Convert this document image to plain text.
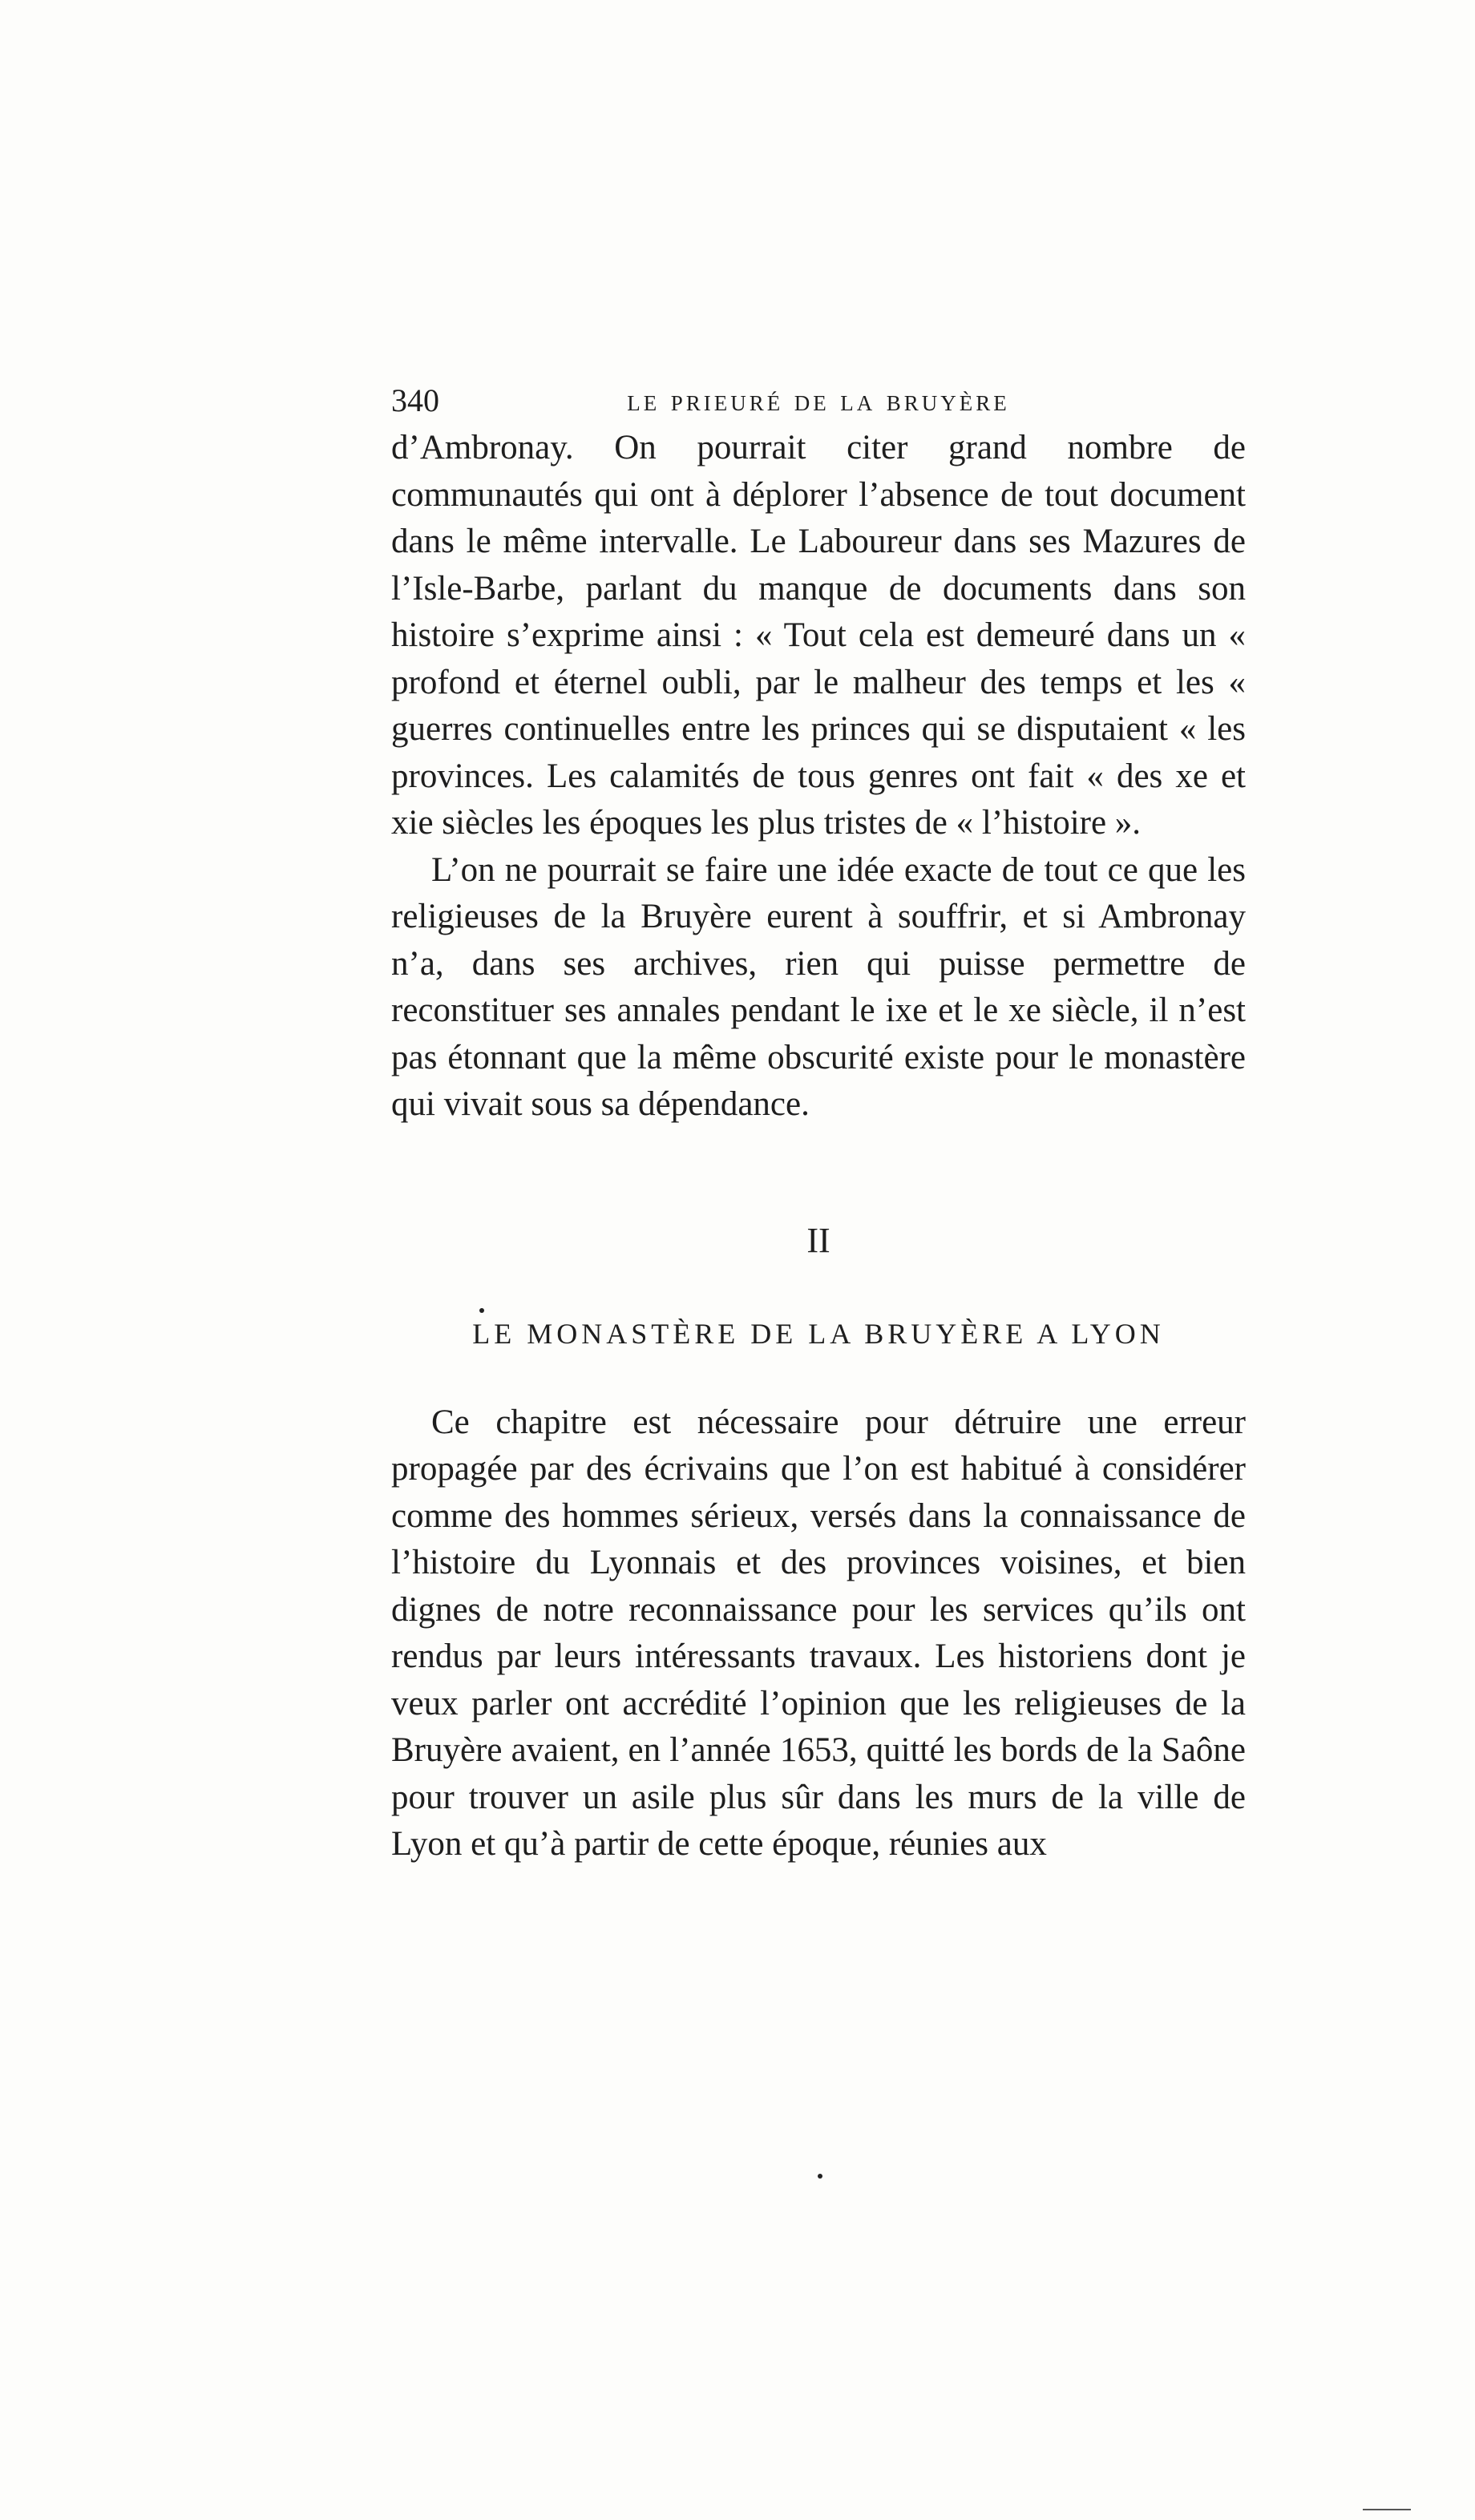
340	le prieuré de la bruyère

d’Ambronay. On pourrait citer grand nombre de communautés qui ont à déplorer l’absence de tout document dans le même intervalle. Le Laboureur dans ses Mazures de l’Isle-Barbe, parlant du manque de documents dans son histoire s’exprime ainsi : « Tout cela est demeuré dans un « profond et éternel oubli, par le malheur des temps et les « guerres continuelles entre les princes qui se disputaient « les provinces. Les calamités de tous genres ont fait « des xe et xie siècles les époques les plus tristes de « l’histoire ».

L’on ne pourrait se faire une idée exacte de tout ce que les religieuses de la Bruyère eurent à souffrir, et si Ambronay n’a, dans ses archives, rien qui puisse permettre de reconstituer ses annales pendant le ixe et le xe siècle, il n’est pas étonnant que la même obscurité existe pour le monastère qui vivait sous sa dépendance.

II
LE MONASTÈRE DE LA BRUYÈRE A LYON

Ce chapitre est nécessaire pour détruire une erreur propagée par des écrivains que l’on est habitué à considérer comme des hommes sérieux, versés dans la connaissance de l’histoire du Lyonnais et des provinces voisines, et bien dignes de notre reconnaissance pour les services qu’ils ont rendus par leurs intéressants travaux. Les historiens dont je veux parler ont accrédité l’opinion que les religieuses de la Bruyère avaient, en l’année 1653, quitté les bords de la Saône pour trouver un asile plus sûr dans les murs de la ville de Lyon et qu’à partir de cette époque, réunies aux
